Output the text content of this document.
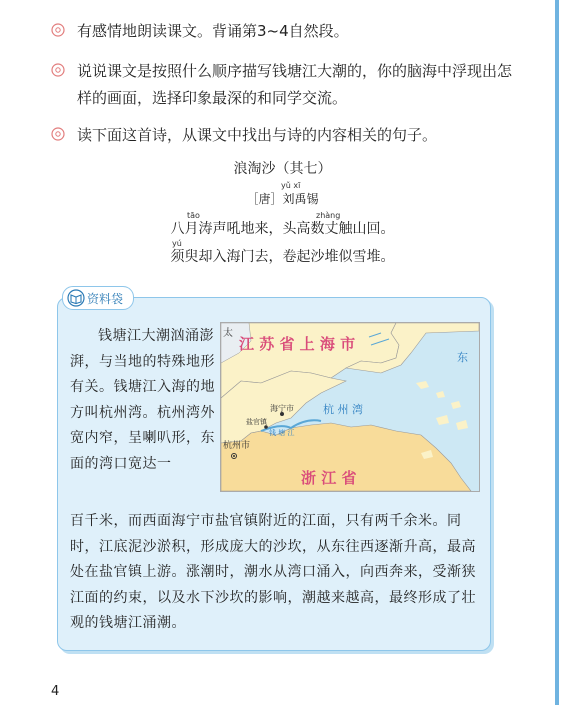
有感情地朗读课文。背诵第3~4自然段。
说说课文是按照什么顺序描写钱塘江大潮的，你的脑海中浮现出怎样的画面，选择印象最深的和同学交流。
读下面这首诗，从课文中找出与诗的内容相关的句子。
浪淘沙（其七）
yǔ xī
［唐］刘禹锡
tāo	zhàng
八月涛声吼地来，头高数丈触山回。
yú
须臾却入海门去，卷起沙堆似雪堆。
资料袋
钱塘江大潮汹涌澎湃，与当地的特殊地形有关。钱塘江入海的地方叫杭州湾。杭州湾外宽内窄，呈喇叭形，东面的湾口宽达一
江 苏 省 上 海 市
浙 江 省
海宁市
盐官镇
杭州市
杭 州 湾
钱 塘 江
太
东
百千米，而西面海宁市盐官镇附近的江面，只有两千余米。同时，江底泥沙淤积，形成庞大的沙坎，从东往西逐渐升高，最高处在盐官镇上游。涨潮时，潮水从湾口涌入，向西奔来，受渐狭江面的约束，以及水下沙坎的影响，潮越来越高，最终形成了壮观的钱塘江涌潮。
4
